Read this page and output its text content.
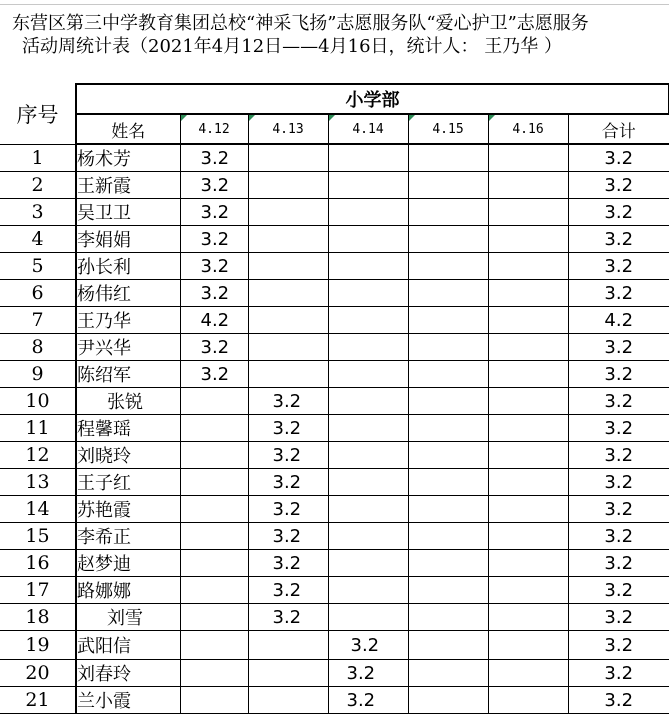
东营区第三中学教育集团总校“神采飞扬”志愿服务队“爱心护卫”志愿服务
活动周统计表（2021年4月12日——4月16日，统计人： 王乃华 ）
序号	小学部						
	姓名	4.12	4.13	4.14	4.15	4.16	合计
1	杨术芳	3.2					3.2
2	王新霞	3.2					3.2
3	吴卫卫	3.2					3.2
4	李娟娟	3.2					3.2
5	孙长利	3.2					3.2
6	杨伟红	3.2					3.2
7	王乃华	4.2					4.2
8	尹兴华	3.2					3.2
9	陈绍军	3.2					3.2
10	张锐		3.2				3.2
11	程馨瑶		3.2				3.2
12	刘晓玲		3.2				3.2
13	王子红		3.2				3.2
14	苏艳霞		3.2				3.2
15	李希正		3.2				3.2
16	赵梦迪		3.2				3.2
17	路娜娜		3.2				3.2
18	刘雪		3.2				3.2
19	武阳信			3.2			3.2
20	刘春玲			3.2			3.2
21	兰小霞			3.2			3.2
